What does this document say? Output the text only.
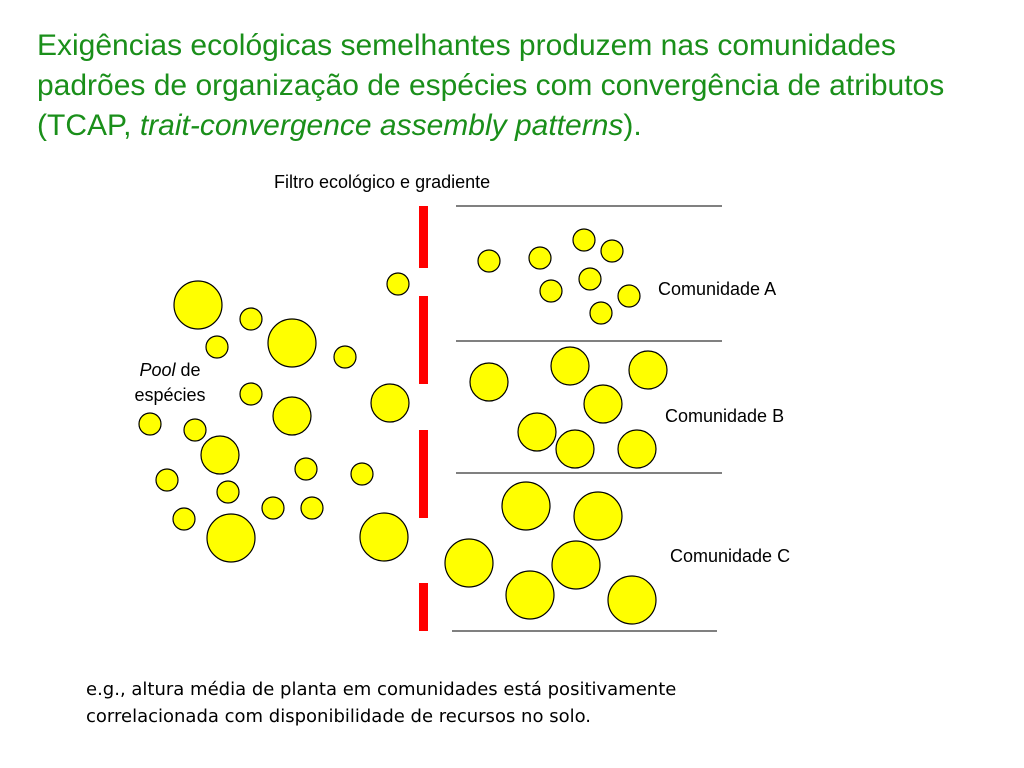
Exigências ecológicas semelhantes produzem nas comunidades padrões de organização de espécies com convergência de atributos (TCAP, trait-convergence assembly patterns).
Filtro ecológico e gradiente
Pool de
espécies
Comunidade A
Comunidade B
Comunidade C
e.g., altura média de planta em comunidades está positivamente
correlacionada com disponibilidade de recursos no solo.
